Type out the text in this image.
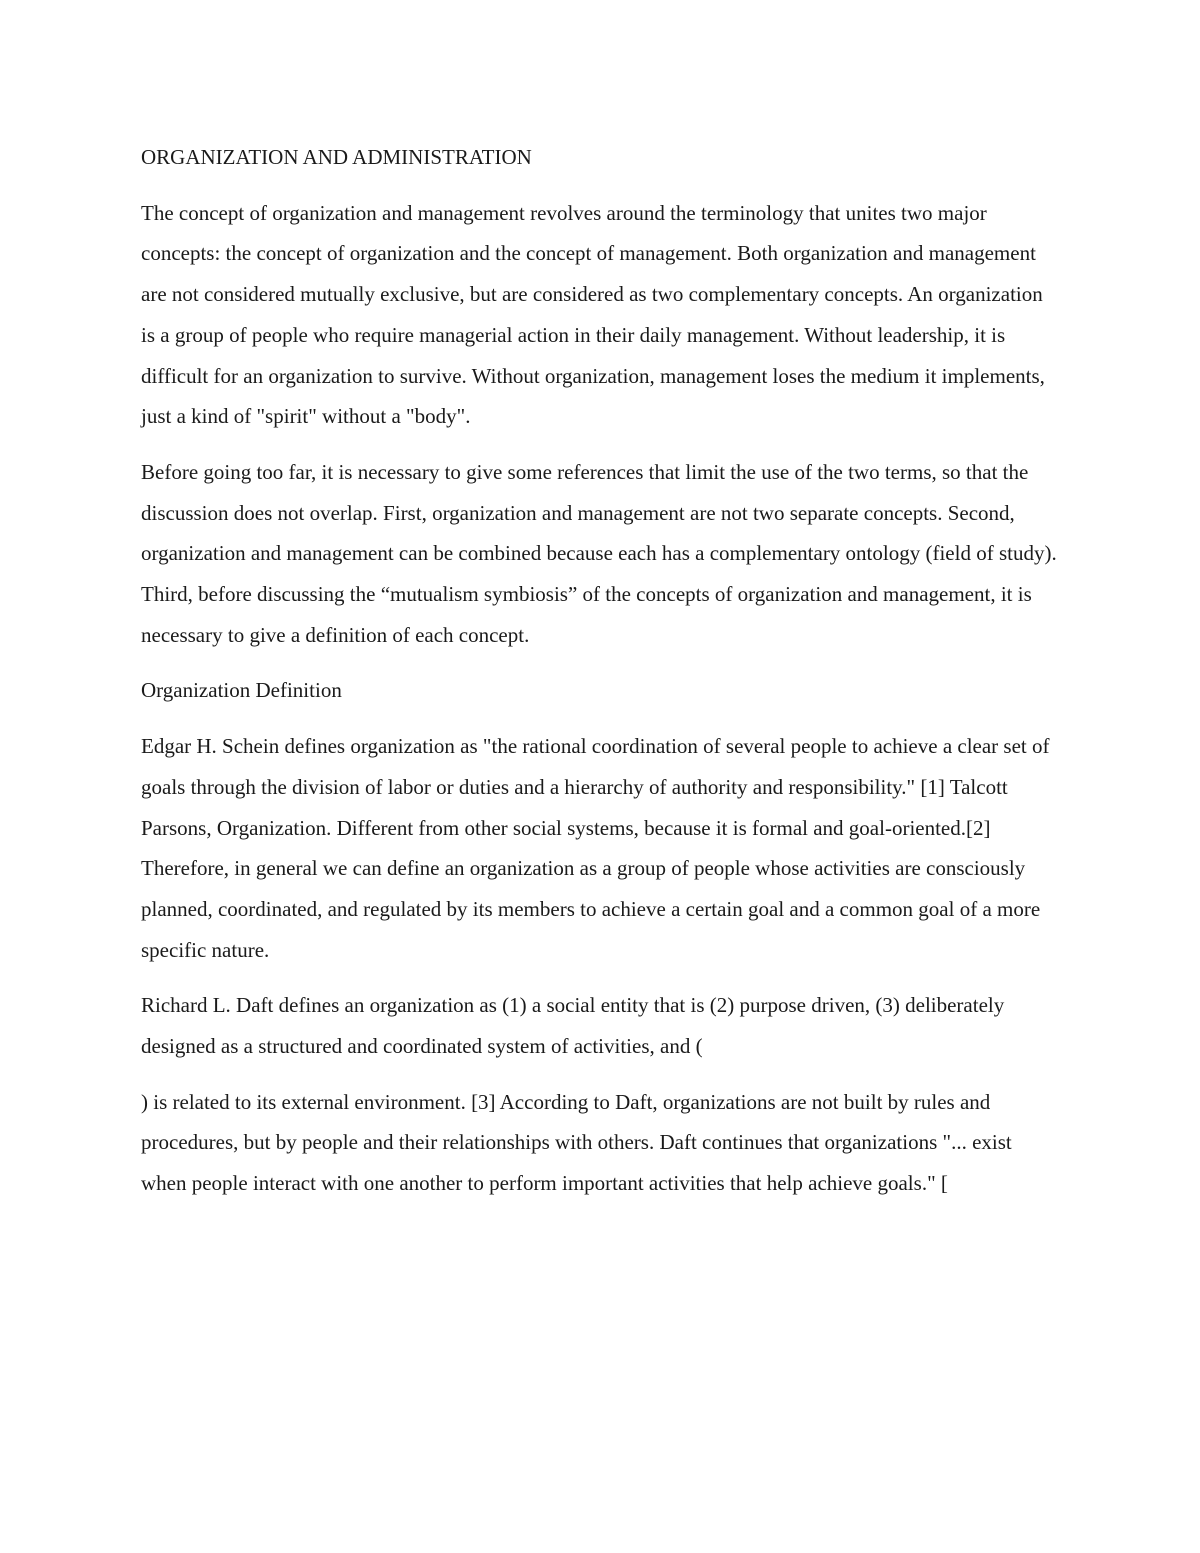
ORGANIZATION AND ADMINISTRATION

The concept of organization and management revolves around the terminology that unites two major concepts: the concept of organization and the concept of management. Both organization and management are not considered mutually exclusive, but are considered as two complementary concepts. An organization is a group of people who require managerial action in their daily management. Without leadership, it is difficult for an organization to survive. Without organization, management loses the medium it implements, just a kind of "spirit" without a "body".

Before going too far, it is necessary to give some references that limit the use of the two terms, so that the discussion does not overlap. First, organization and management are not two separate concepts. Second, organization and management can be combined because each has a complementary ontology (field of study). Third, before discussing the “mutualism symbiosis” of the concepts of organization and management, it is necessary to give a definition of each concept.

Organization Definition

Edgar H. Schein defines organization as "the rational coordination of several people to achieve a clear set of goals through the division of labor or duties and a hierarchy of authority and responsibility." [1] Talcott Parsons, Organization. Different from other social systems, because it is formal and goal-oriented.[2] Therefore, in general we can define an organization as a group of people whose activities are consciously planned, coordinated, and regulated by its members to achieve a certain goal and a common goal of a more specific nature.

Richard L. Daft defines an organization as (1) a social entity that is (2) purpose driven, (3) deliberately designed as a structured and coordinated system of activities, and (

) is related to its external environment. [3] According to Daft, organizations are not built by rules and procedures, but by people and their relationships with others. Daft continues that organizations "... exist when people interact with one another to perform important activities that help achieve goals." [
